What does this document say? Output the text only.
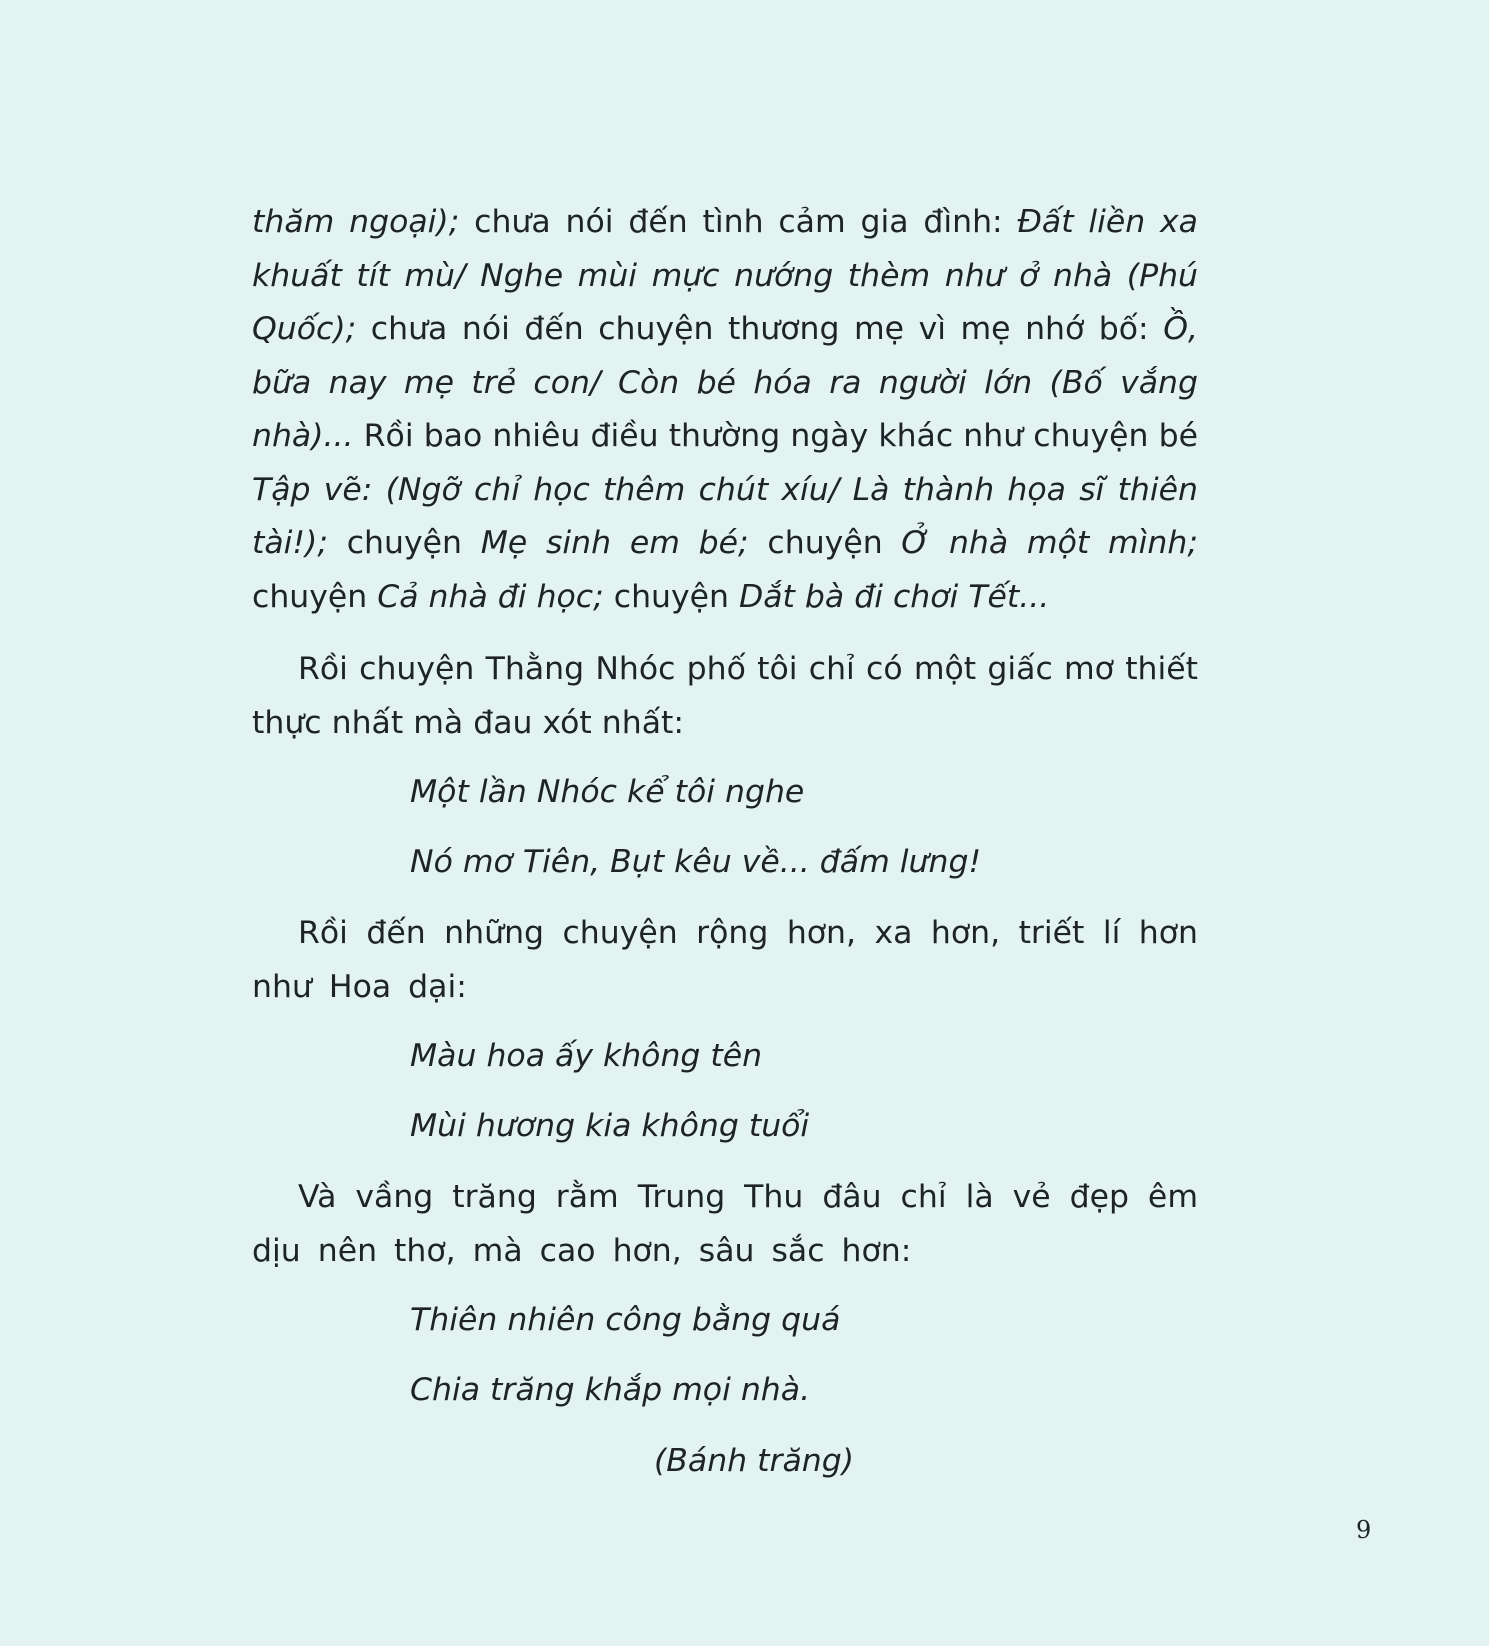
thăm ngoại); chưa nói đến tình cảm gia đình: Đất liền xa khuất tít mù/ Nghe mùi mực nướng thèm như ở nhà (Phú Quốc); chưa nói đến chuyện thương mẹ vì mẹ nhớ bố: Ồ, bữa nay mẹ trẻ con/ Còn bé hóa ra người lớn (Bố vắng nhà)... Rồi bao nhiêu điều thường ngày khác như chuyện bé Tập vẽ: (Ngỡ chỉ học thêm chút xíu/ Là thành họa sĩ thiên tài!); chuyện Mẹ sinh em bé; chuyện Ở nhà một mình; chuyện Cả nhà đi học; chuyện Dắt bà đi chơi Tết...

Rồi chuyện Thằng Nhóc phố tôi chỉ có một giấc mơ thiết thực nhất mà đau xót nhất:

Một lần Nhóc kể tôi nghe

Nó mơ Tiên, Bụt kêu về... đấm lưng!

Rồi đến những chuyện rộng hơn, xa hơn, triết lí hơn như Hoa dại:

Màu hoa ấy không tên

Mùi hương kia không tuổi

Và vầng trăng rằm Trung Thu đâu chỉ là vẻ đẹp êm dịu nên thơ, mà cao hơn, sâu sắc hơn:

Thiên nhiên công bằng quá

Chia trăng khắp mọi nhà.

(Bánh trăng)

9
